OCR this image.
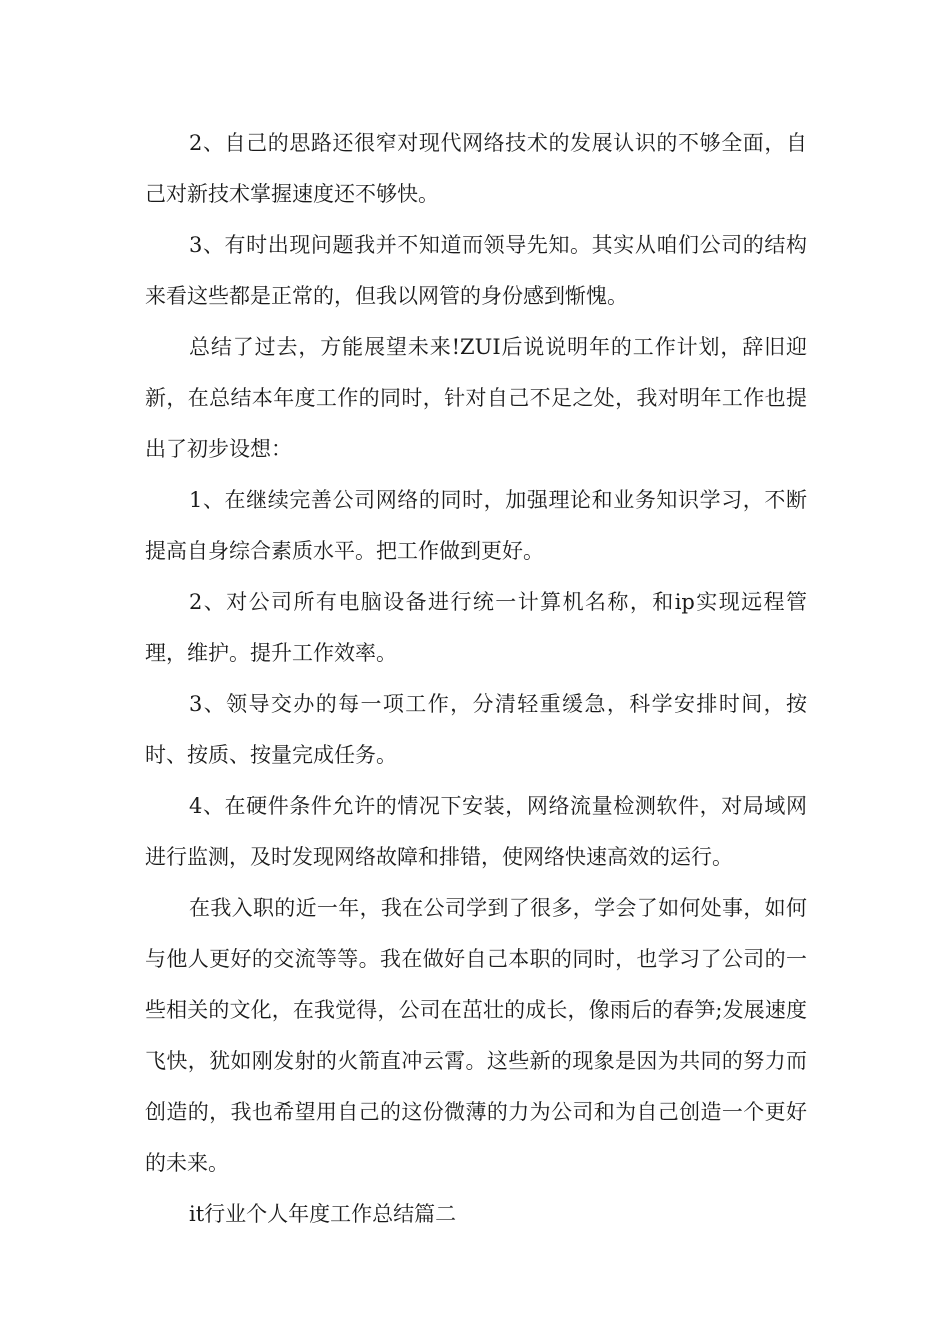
2、自己的思路还很窄对现代网络技术的发展认识的不够全面，自己对新技术掌握速度还不够快。

3、有时出现问题我并不知道而领导先知。其实从咱们公司的结构来看这些都是正常的，但我以网管的身份感到惭愧。

总结了过去，方能展望未来!ZUI后说说明年的工作计划，辞旧迎新，在总结本年度工作的同时，针对自己不足之处，我对明年工作也提出了初步设想：

1、在继续完善公司网络的同时，加强理论和业务知识学习，不断提高自身综合素质水平。把工作做到更好。

2、对公司所有电脑设备进行统一计算机名称，和ip实现远程管理，维护。提升工作效率。

3、领导交办的每一项工作，分清轻重缓急，科学安排时间，按时、按质、按量完成任务。

4、在硬件条件允许的情况下安装，网络流量检测软件，对局域网进行监测，及时发现网络故障和排错，使网络快速高效的运行。

在我入职的近一年，我在公司学到了很多，学会了如何处事，如何与他人更好的交流等等。我在做好自己本职的同时，也学习了公司的一些相关的文化，在我觉得，公司在茁壮的成长，像雨后的春笋;发展速度飞快，犹如刚发射的火箭直冲云霄。这些新的现象是因为共同的努力而创造的，我也希望用自己的这份微薄的力为公司和为自己创造一个更好的未来。

it行业个人年度工作总结篇二
